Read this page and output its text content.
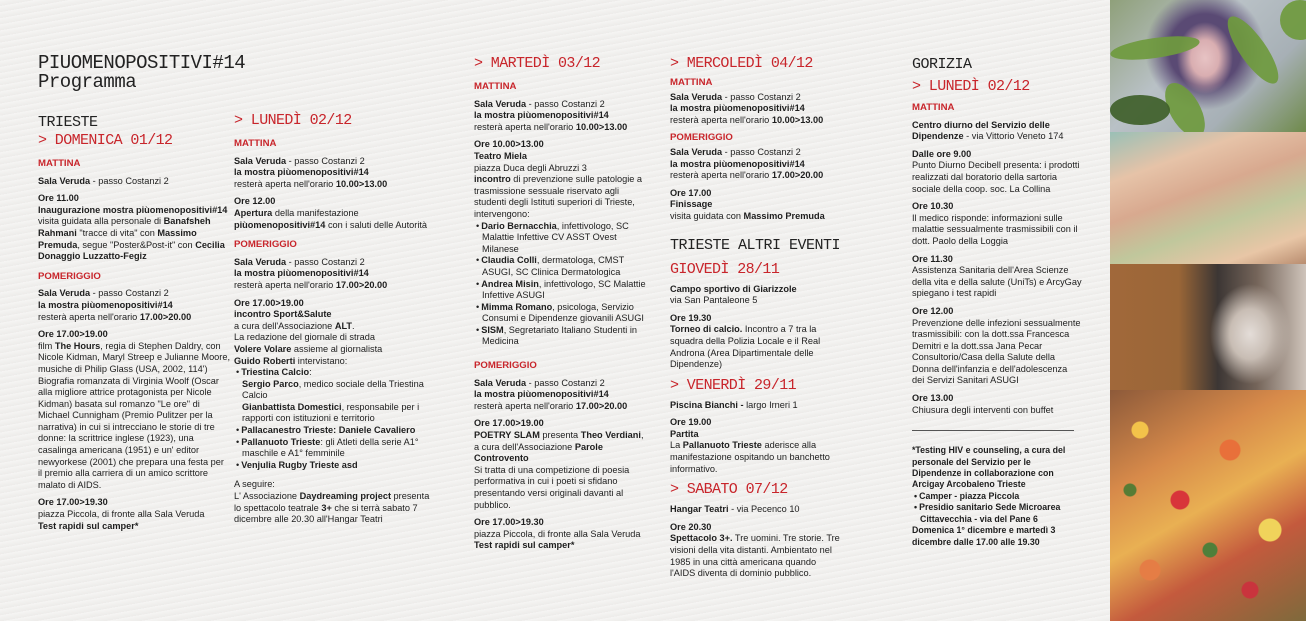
PIUOMENOPOSITIVI#14
Programma
TRIESTE
> DOMENICA 01/12
MATTINA
Sala Veruda - passo Costanzi 2
Ore 11.00
Inaugurazione mostra piùomenopositivi#14
visita guidata alla personale di Banafsheh Rahmani "tracce di vita" con Massimo Premuda, segue "Poster&Post-it" con Cecilia Donaggio Luzzatto-Fegiz
POMERIGGIO
Sala Veruda - passo Costanzi 2
la mostra piùomenopositivi#14
resterà aperta nell'orario 17.00>20.00
Ore 17.00>19.00
film The Hours, regia di Stephen Daldry, con Nicole Kidman, Maryl Streep e Julianne Moore, musiche di Philip Glass (USA, 2002, 114')
Biografia romanzata di Virginia Woolf (Oscar alla migliore attrice protagonista per Nicole Kidman) basata sul romanzo "Le ore" di Michael Cunnigham (Premio Pulitzer per la narrativa) in cui si intrecciano le storie di tre donne: la scrittrice inglese (1923), una casalinga americana (1951) e un' editor newyorkese (2001) che prepara una festa per il premio alla carriera di un amico scrittore malato di AIDS.
Ore 17.00>19.30
piazza Piccola, di fronte alla Sala Veruda
Test rapidi sul camper*
> LUNEDÌ 02/12
MATTINA
Sala Veruda - passo Costanzi 2
la mostra piùomenopositivi#14
resterà aperta nell'orario 10.00>13.00
Ore 12.00
Apertura della manifestazione piùomenopositivi#14 con i saluti delle Autorità
POMERIGGIO
Sala Veruda - passo Costanzi 2
la mostra piùomenopositivi#14
resterà aperta nell'orario 17.00>20.00
Ore 17.00>19.00
incontro Sport&Salute
a cura dell'Associazione ALT.
La redazione del giornale di strada
Volere Volare assieme al giornalista
Guido Roberti intervistano:
• Triestina Calcio:
Sergio Parco, medico sociale della Triestina Calcio
Gianbattista Domestici, responsabile per i rapporti con istituzioni e territorio
• Pallacanestro Trieste: Daniele Cavaliero
• Pallanuoto Trieste: gli Atleti della serie A1° maschile e A1° femminile
• Venjulia Rugby Trieste asd
A seguire:
L' Associazione Daydreaming project presenta lo spettacolo teatrale 3+ che si terrà sabato 7 dicembre alle 20.30 all'Hangar Teatri
> MARTEDÌ 03/12
MATTINA
Sala Veruda - passo Costanzi 2
la mostra piùomenopositivi#14
resterà aperta nell'orario 10.00>13.00
Ore 10.00>13.00
Teatro Miela
piazza Duca degli Abruzzi 3
incontro di prevenzione sulle patologie a trasmissione sessuale riservato agli studenti degli Istituti superiori di Trieste, intervengono:
• Dario Bernacchia, infettivologo, SC Malattie Infettive CV ASST Ovest Milanese
• Claudia Colli, dermatologa, CMST ASUGI, SC Clinica Dermatologica
• Andrea Misin, infettivologo, SC Malattie Infettive ASUGI
• Mimma Romano, psicologa, Servizio Consumi e Dipendenze giovanili ASUGI
• SISM, Segretariato Italiano Studenti in Medicina
POMERIGGIO
Sala Veruda - passo Costanzi 2
la mostra piùomenopositivi#14
resterà aperta nell'orario 17.00>20.00
Ore 17.00>19.00
POETRY SLAM presenta Theo Verdiani, a cura dell'Associazione Parole Controvento
Si tratta di una competizione di poesia performativa in cui i poeti si sfidano presentando versi originali davanti al pubblico.
Ore 17.00>19.30
piazza Piccola, di fronte alla Sala Veruda
Test rapidi sul camper*
> MERCOLEDÌ 04/12
MATTINA
Sala Veruda - passo Costanzi 2
la mostra piùomenopositivi#14
resterà aperta nell'orario 10.00>13.00
POMERIGGIO
Sala Veruda - passo Costanzi 2
la mostra piùomenopositivi#14
resterà aperta nell'orario 17.00>20.00
Ore 17.00
Finissage
visita guidata con Massimo Premuda
TRIESTE ALTRI EVENTI
GIOVEDÌ 28/11
Campo sportivo di Giarizzole
via San Pantaleone 5
Ore 19.30
Torneo di calcio. Incontro a 7 tra la squadra della Polizia Locale e il Real Androna (Area Dipartimentale delle Dipendenze)
> VENERDÌ 29/11
Piscina Bianchi - largo Irneri 1
Ore 19.00
Partita
La Pallanuoto Trieste aderisce alla manifestazione ospitando un banchetto informativo.
> SABATO 07/12
Hangar Teatri - via Pecenco 10
Ore 20.30
Spettacolo 3+. Tre uomini. Tre storie. Tre visioni della vita distanti. Ambientato nel 1985 in una città americana quando l'AIDS diventa di dominio pubblico.
GORIZIA
> LUNEDÌ 02/12
MATTINA
Centro diurno del Servizio delle Dipendenze - via Vittorio Veneto 174
Dalle ore 9.00
Punto Diurno Decibell presenta: i prodotti realizzati dal boratorio della sartoria sociale della coop. soc. La Collina
Ore 10.30
Il medico risponde: informazioni sulle malattie sessualmente trasmissibili con il dott. Paolo della Loggia
Ore 11.30
Assistenza Sanitaria dell'Area Scienze della vita e della salute (UniTs) e ArcyGay spiegano i test rapidi
Ore 12.00
Prevenzione delle infezioni sessualmente trasmissibili: con la dott.ssa Francesca Demitri e la dott.ssa Jana Pecar Consultorio/Casa della Salute della Donna dell'infanzia e dell'adolescenza dei Servizi Sanitari ASUGI
Ore 13.00
Chiusura degli interventi con buffet
*Testing HIV e counseling, a cura del personale del Servizio per le Dipendenze in collaborazione con Arcigay Arcobaleno Trieste
• Camper - piazza Piccola
• Presidio sanitario Sede Microarea Cittavecchia - via del Pane 6
Domenica 1° dicembre e martedì 3 dicembre dalle 17.00 alle 19.30
